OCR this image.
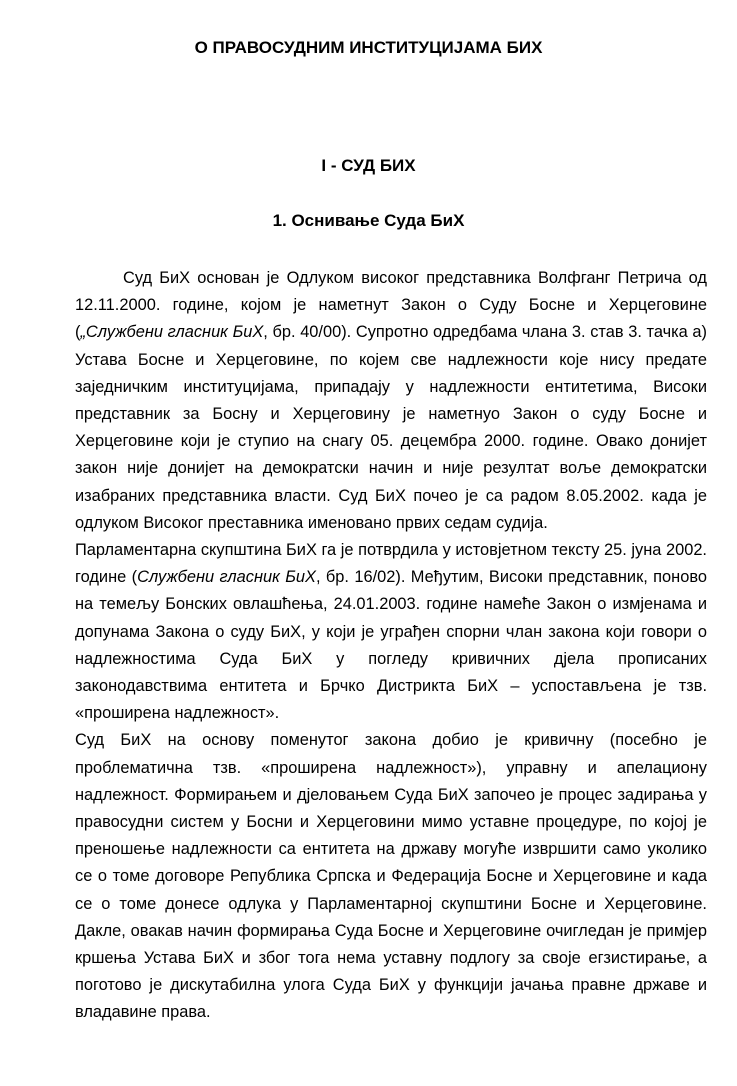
О ПРАВОСУДНИМ ИНСТИТУЦИЈАМА БИХ
I - СУД БИХ
1. Оснивање Суда БиХ

Суд БиХ основан је Одлуком високог представника Волфганг Петрича од 12.11.2000. године, којом је наметнут Закон о Суду Босне и Херцеговине („Службени гласник БиХ, бр. 40/00). Супротно одредбама члана 3. став 3. тачка а) Устава Босне и Херцеговине, по којем све надлежности које нису предате заједничким институцијама, припадају у надлежности ентитетима, Високи представник за Босну и Херцеговину је наметнуо Закон о суду Босне и Херцеговине који је ступио на снагу 05. децембра 2000. године. Овако донијет закон није донијет на демократски начин и није резултат воље демократски изабраних представника власти. Суд БиХ почео је са радом 8.05.2002. када је одлуком Високог преставника именовано првих седам судија.

Парламентарна скупштина БиХ га је потврдила у истовјетном тексту 25. јуна 2002. године (Службени гласник БиХ, бр. 16/02). Међутим, Високи представник, поново на темељу Бонских овлашћења, 24.01.2003. године намеће Закон о измјенама и допунама Закона о суду БиХ, у који је уграђен спорни члан закона који говори о надлежностима Суда БиХ у погледу кривичних дјела прописаних законодавствима ентитета и Брчко Дистрикта БиХ – успостављена је тзв. «проширена надлежност».

Суд БиХ на основу поменутог закона добио је кривичну (посебно је проблематична тзв. «проширена надлежност»), управну и апелациону надлежност. Формирањем и дјеловањем Суда БиХ започео је процес задирања у правосудни систем у Босни и Херцеговини мимо уставне процедуре, по којој је преношење надлежности са ентитета на државу могуће извршити само уколико се о томе договоре Република Српска и Федерација Босне и Херцеговине и када се о томе донесе одлука у Парламентарној скупштини Босне и Херцеговине. Дакле, овакав начин формирања Суда Босне и Херцеговине очигледан је примјер кршења Устава БиХ и због тога нема уставну подлогу за своје егзистирање, а поготово је дискутабилна улога Суда БиХ у функцији јачања правне државе и владавине права.
